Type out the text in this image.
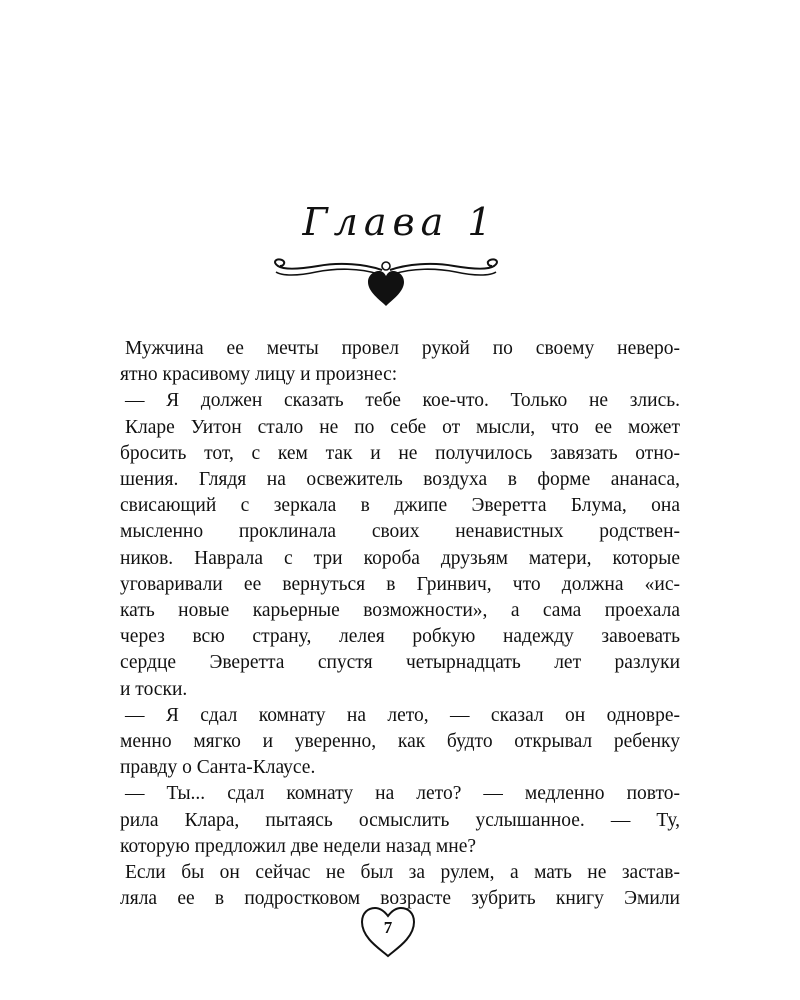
Глава 1
Мужчина ее мечты провел рукой по своему неверо-
ятно красивому лицу и произнес:
— Я должен сказать тебе кое-что. Только не злись.
Кларе Уитон стало не по себе от мысли, что ее может
бросить тот, с кем так и не получилось завязать отно-
шения. Глядя на освежитель воздуха в форме ананаса,
свисающий с зеркала в джипе Эверетта Блума, она
мысленно проклинала своих ненавистных родствен-
ников. Наврала с три короба друзьям матери, которые
уговаривали ее вернуться в Гринвич, что должна «ис-
кать новые карьерные возможности», а сама проехала
через всю страну, лелея робкую надежду завоевать
сердце Эверетта спустя четырнадцать лет разлуки
и тоски.
— Я сдал комнату на лето, — сказал он одновре-
менно мягко и уверенно, как будто открывал ребенку
правду о Санта-Клаусе.
— Ты... сдал комнату на лето? — медленно повто-
рила Клара, пытаясь осмыслить услышанное. — Ту,
которую предложил две недели назад мне?
Если бы он сейчас не был за рулем, а мать не застав-
ляла ее в подростковом возрасте зубрить книгу Эмили
7
